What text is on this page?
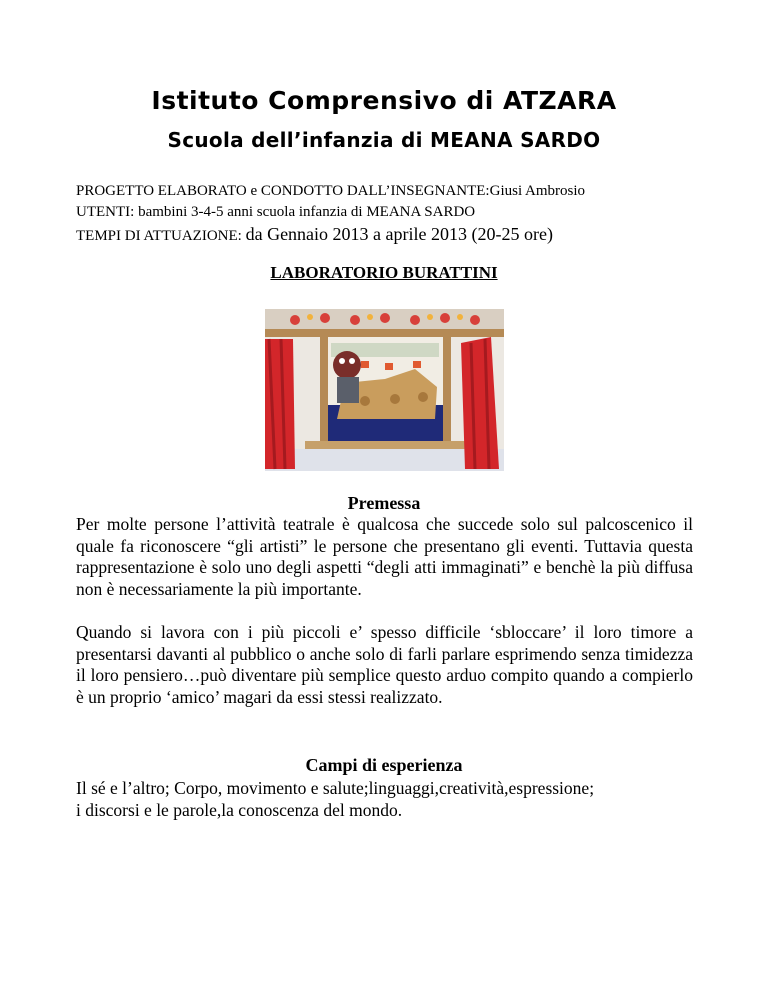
Istituto Comprensivo di ATZARA
Scuola dell’infanzia di MEANA SARDO
PROGETTO ELABORATO e CONDOTTO DALL’INSEGNANTE:Giusi Ambrosio
UTENTI: bambini 3-4-5 anni scuola infanzia di MEANA SARDO
TEMPI DI ATTUAZIONE: da Gennaio 2013 a aprile 2013 (20-25 ore)
LABORATORIO BURATTINI
Premessa

Per molte persone l’attività teatrale è qualcosa che succede solo sul palcoscenico il quale fa riconoscere “gli artisti” le persone che presentano gli eventi. Tuttavia questa rappresentazione è solo uno degli aspetti “degli atti immaginati” e benchè la più diffusa non è necessariamente la più importante.

Quando si lavora con i più piccoli e’ spesso difficile ‘sbloccare’ il loro timore a presentarsi davanti al pubblico o anche solo di farli parlare esprimendo senza timidezza il loro pensiero…può diventare più semplice questo arduo compito quando a compierlo è un proprio ‘amico’ magari da essi stessi realizzato.

Campi di esperienza
Il sé e l’altro; Corpo, movimento e salute;linguaggi,creatività,espressione;
i discorsi e le parole,la conoscenza del mondo.
